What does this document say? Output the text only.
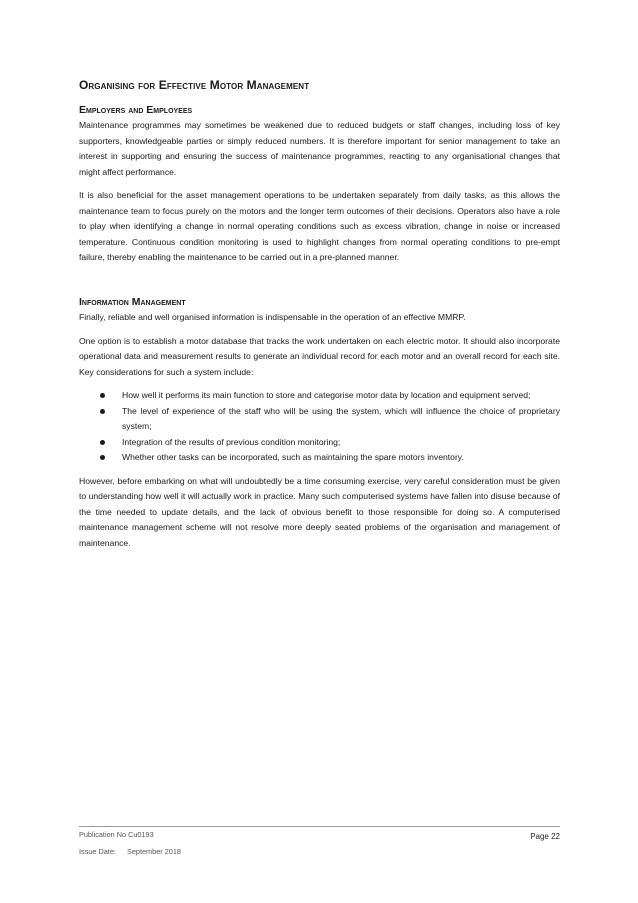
Organising for Effective Motor Management
Employers and Employees

Maintenance programmes may sometimes be weakened due to reduced budgets or staff changes, including loss of key supporters, knowledgeable parties or simply reduced numbers. It is therefore important for senior management to take an interest in supporting and ensuring the success of maintenance programmes, reacting to any organisational changes that might affect performance.

It is also beneficial for the asset management operations to be undertaken separately from daily tasks, as this allows the maintenance team to focus purely on the motors and the longer term outcomes of their decisions. Operators also have a role to play when identifying a change in normal operating conditions such as excess vibration, change in noise or increased temperature. Continuous condition monitoring is used to highlight changes from normal operating conditions to pre-empt failure, thereby enabling the maintenance to be carried out in a pre-planned manner.

Information Management

Finally, reliable and well organised information is indispensable in the operation of an effective MMRP.

One option is to establish a motor database that tracks the work undertaken on each electric motor. It should also incorporate operational data and measurement results to generate an individual record for each motor and an overall record for each site. Key considerations for such a system include:

How well it performs its main function to store and categorise motor data by location and equipment served;
The level of experience of the staff who will be using the system, which will influence the choice of proprietary system;
Integration of the results of previous condition monitoring;
Whether other tasks can be incorporated, such as maintaining the spare motors inventory.

However, before embarking on what will undoubtedly be a time consuming exercise, very careful consideration must be given to understanding how well it will actually work in practice. Many such computerised systems have fallen into disuse because of the time needed to update details, and the lack of obvious benefit to those responsible for doing so. A computerised maintenance management scheme will not resolve more deeply seated problems of the organisation and management of maintenance.

Publication No Cu0193	Page 22
Issue Date: September 2018
